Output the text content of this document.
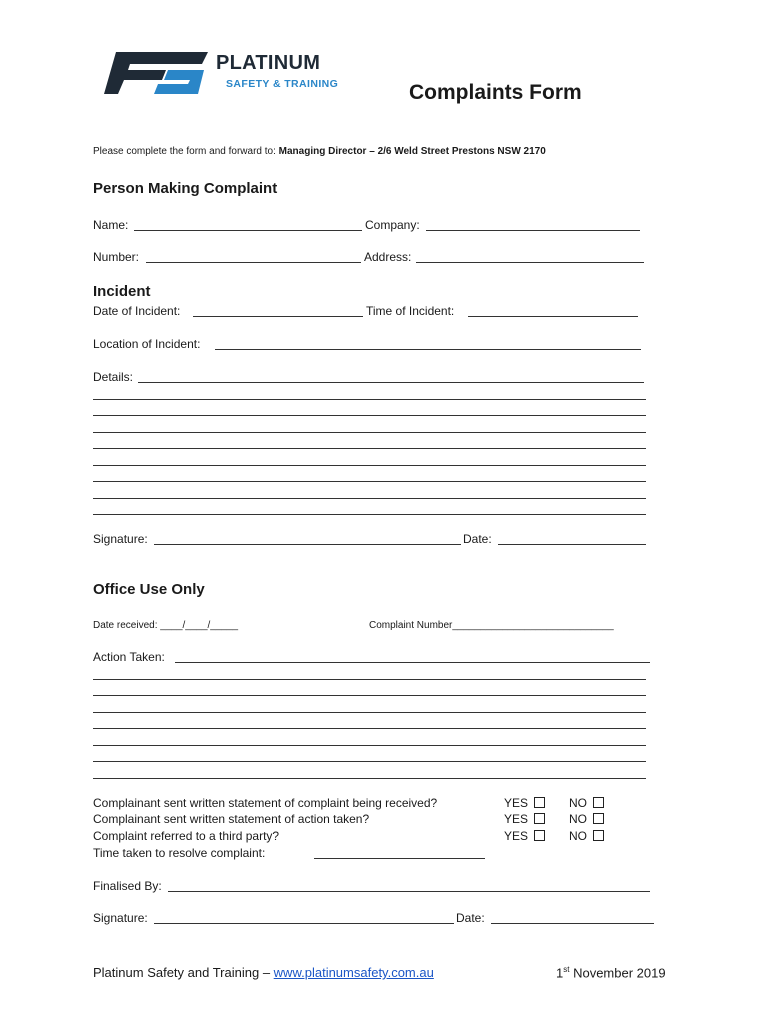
PLATINUM
SAFETY & TRAINING	Complaints Form
Please complete the form and forward to: Managing Director – 2/6 Weld Street Prestons NSW 2170
Person Making Complaint
Name:	Company:
Number:	Address:
Incident
Date of Incident:	Time of Incident:
Location of Incident:
Details:
Signature:	Date:
Office Use Only
Date received: ____/____/_____	Complaint Number_____________________________
Action Taken:
Complainant sent written statement of complaint being received?	YES	NO
Complainant sent written statement of action taken?	YES	NO
Complaint referred to a third party?	YES	NO
Time taken to resolve complaint:
Finalised By:
Signature:	Date:
Platinum Safety and Training – www.platinumsafety.com.au	1st November 2019
